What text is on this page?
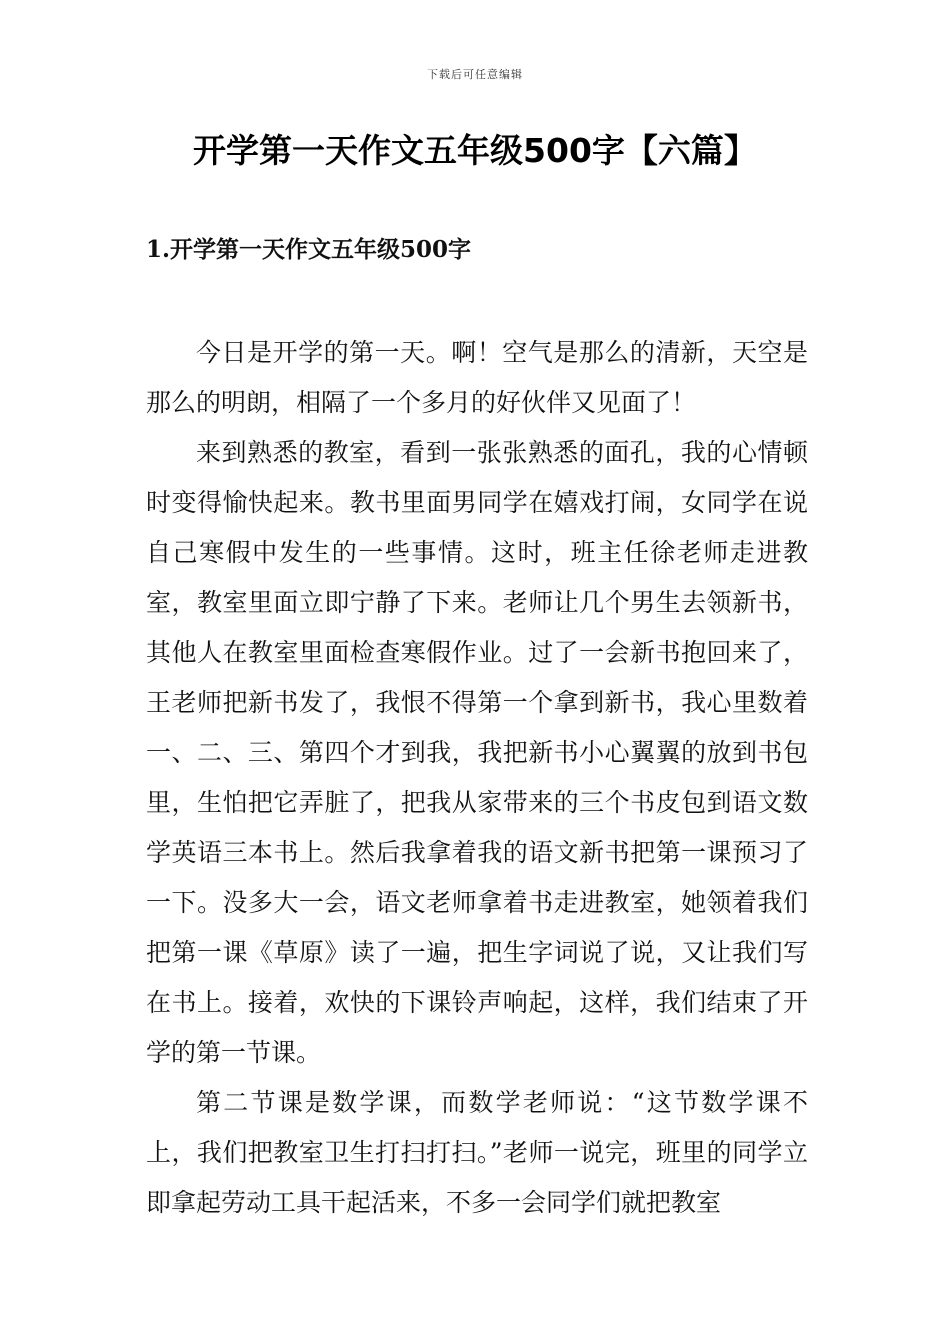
下载后可任意编辑
开学第一天作文五年级500字【六篇】
1.开学第一天作文五年级500字

今日是开学的第一天。啊！空气是那么的清新，天空是那么的明朗，相隔了一个多月的好伙伴又见面了！

来到熟悉的教室，看到一张张熟悉的面孔，我的心情顿时变得愉快起来。教书里面男同学在嬉戏打闹，女同学在说自己寒假中发生的一些事情。这时，班主任徐老师走进教室，教室里面立即宁静了下来。老师让几个男生去领新书，其他人在教室里面检查寒假作业。过了一会新书抱回来了，王老师把新书发了，我恨不得第一个拿到新书，我心里数着一、二、三、第四个才到我，我把新书小心翼翼的放到书包里，生怕把它弄脏了，把我从家带来的三个书皮包到语文数学英语三本书上。然后我拿着我的语文新书把第一课预习了一下。没多大一会，语文老师拿着书走进教室，她领着我们把第一课《草原》读了一遍，把生字词说了说，又让我们写在书上。接着，欢快的下课铃声响起，这样，我们结束了开学的第一节课。

第二节课是数学课，而数学老师说：“这节数学课不上，我们把教室卫生打扫打扫。”老师一说完，班里的同学立即拿起劳动工具干起活来，不多一会同学们就把教室
